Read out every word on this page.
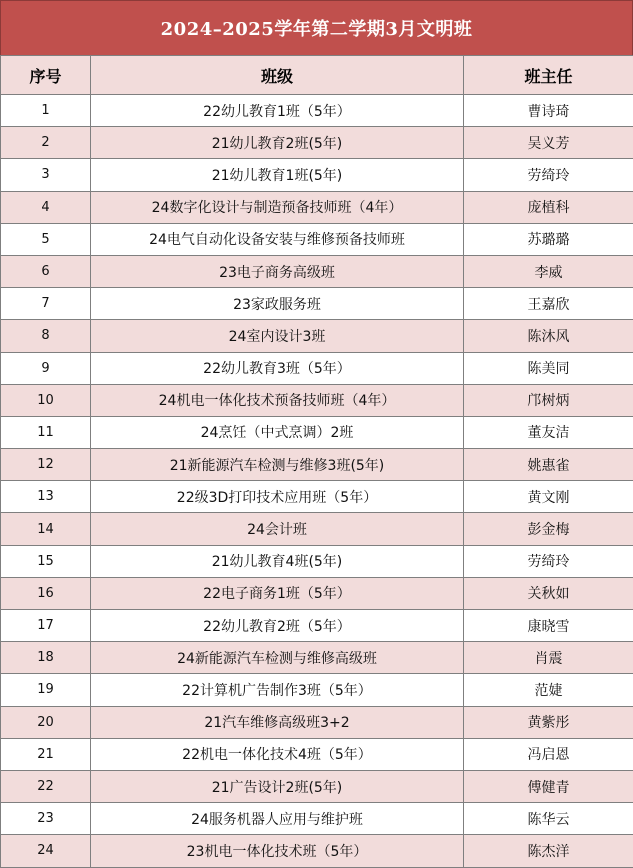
2024–2025学年第二学期3月文明班
序号	班级	班主任
1	22幼儿教育1班（5年）	曹诗琦
2	21幼儿教育2班(5年)	吴义芳
3	21幼儿教育1班(5年)	劳绮玲
4	24数字化设计与制造预备技师班（4年）	庞植科
5	24电气自动化设备安装与维修预备技师班	苏璐璐
6	23电子商务高级班	李威
7	23家政服务班	王嘉欣
8	24室内设计3班	陈沐风
9	22幼儿教育3班（5年）	陈美同
10	24机电一体化技术预备技师班（4年）	邝树炳
11	24烹饪（中式烹调）2班	董友洁
12	21新能源汽车检测与维修3班(5年)	姚惠雀
13	22级3D打印技术应用班（5年）	黄文刚
14	24会计班	彭金梅
15	21幼儿教育4班(5年)	劳绮玲
16	22电子商务1班（5年）	关秋如
17	22幼儿教育2班（5年）	康晓雪
18	24新能源汽车检测与维修高级班	肖震
19	22计算机广告制作3班（5年）	范婕
20	21汽车维修高级班3+2	黄紫彤
21	22机电一体化技术4班（5年）	冯启恩
22	21广告设计2班(5年)	傅健青
23	24服务机器人应用与维护班	陈华云
24	23机电一体化技术班（5年）	陈杰洋
